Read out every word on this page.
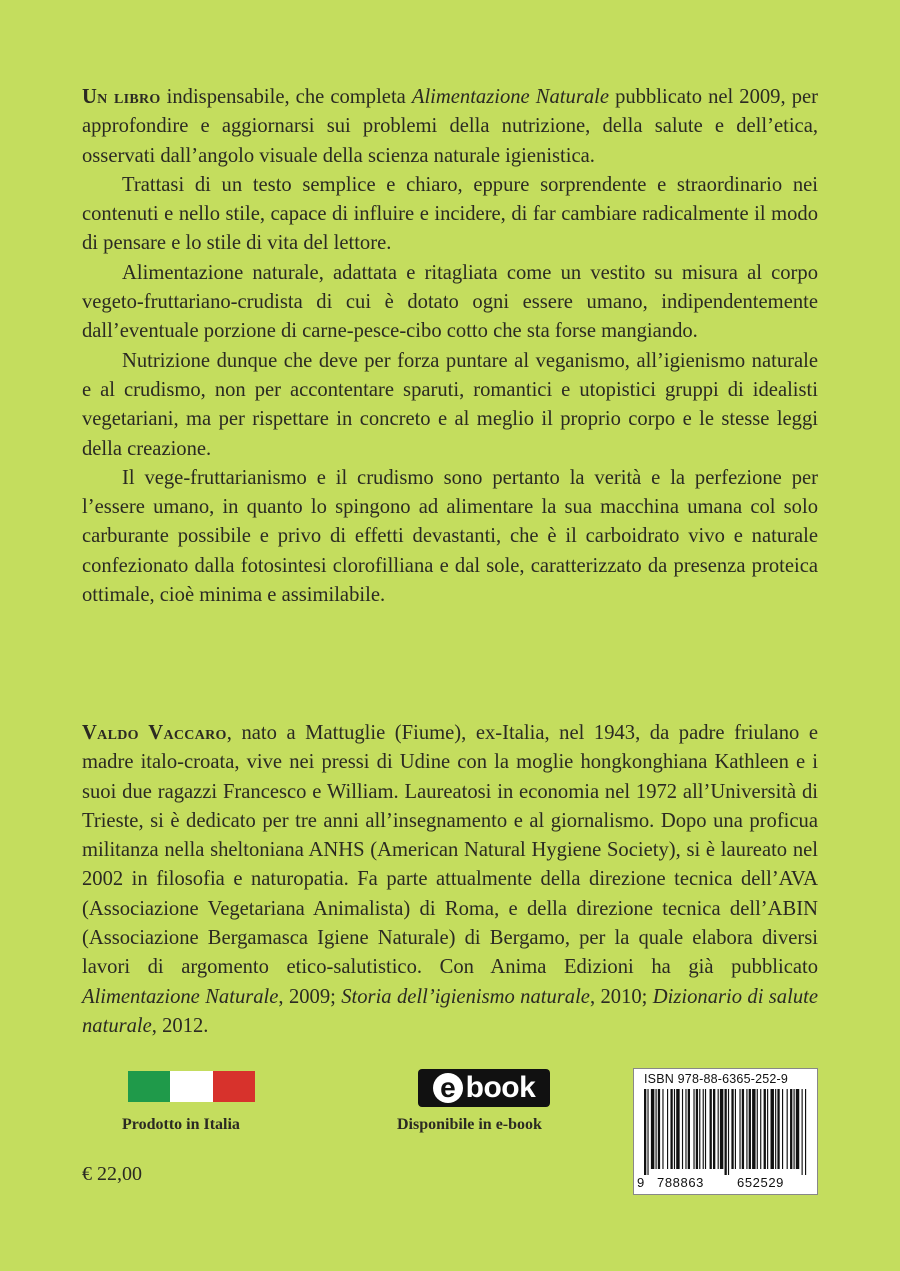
Un libro indispensabile, che completa Alimentazione Naturale pubblicato nel 2009, per approfondire e aggiornarsi sui problemi della nutrizione, della salute e dell’etica, osservati dall’angolo visuale della scienza naturale igienistica.

Trattasi di un testo semplice e chiaro, eppure sorprendente e straordinario nei contenuti e nello stile, capace di influire e incidere, di far cambiare radicalmente il modo di pensare e lo stile di vita del lettore.

Alimentazione naturale, adattata e ritagliata come un vestito su misura al corpo vegeto-fruttariano-crudista di cui è dotato ogni essere umano, indipendentemente dall’eventuale porzione di carne-pesce-cibo cotto che sta forse mangiando.

Nutrizione dunque che deve per forza puntare al veganismo, all’igienismo naturale e al crudismo, non per accontentare sparuti, romantici e utopistici gruppi di idealisti vegetariani, ma per rispettare in concreto e al meglio il proprio corpo e le stesse leggi della creazione.

Il vege-fruttarianismo e il crudismo sono pertanto la verità e la perfezione per l’essere umano, in quanto lo spingono ad alimentare la sua macchina umana col solo carburante possibile e privo di effetti devastanti, che è il carboidrato vivo e naturale confezionato dalla fotosintesi clorofilliana e dal sole, caratterizzato da presenza proteica ottimale, cioè minima e assimilabile.

Valdo Vaccaro, nato a Mattuglie (Fiume), ex-Italia, nel 1943, da padre friulano e madre italo-croata, vive nei pressi di Udine con la moglie hongkonghiana Kathleen e i suoi due ragazzi Francesco e William. Laureatosi in economia nel 1972 all’Università di Trieste, si è dedicato per tre anni all’insegnamento e al giornalismo. Dopo una proficua militanza nella sheltoniana ANHS (American Natural Hygiene Society), si è laureato nel 2002 in filosofia e naturopatia. Fa parte attualmente della direzione tecnica dell’AVA (Associazione Vegetariana Animalista) di Roma, e della direzione tecnica dell’ABIN (Associazione Bergamasca Igiene Naturale) di Bergamo, per la quale elabora diversi lavori di argomento etico-salutistico. Con Anima Edizioni ha già pubblicato Alimentazione Naturale, 2009; Storia dell’igienismo naturale, 2010; Dizionario di salute naturale, 2012.

Prodotto in Italia
e book
Disponibile in e-book
€ 22,00
ISBN 978-88-6365-252-9
9 788863	652529
